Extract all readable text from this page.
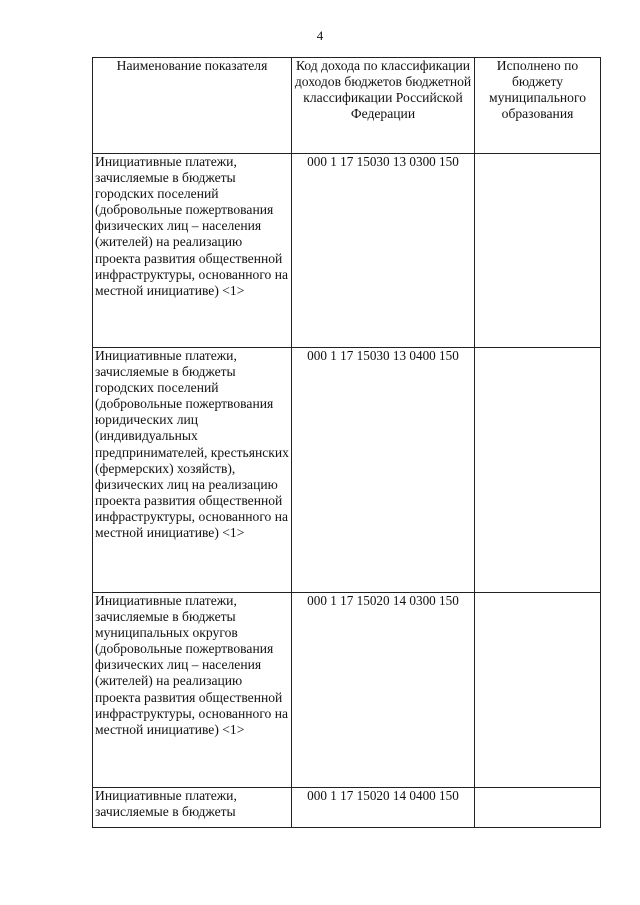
4
Наименование показателя	Код дохода по классификации доходов бюджетов бюджетной классификации Российской Федерации	Исполнено по бюджету муниципального образования
Инициативные платежи, зачисляемые в бюджеты городских поселений (добровольные пожертвования физических лиц – населения (жителей) на реализацию проекта развития общественной инфраструктуры, основанного на местной инициативе) <1>	000 1 17 15030 13 0300 150	
Инициативные платежи, зачисляемые в бюджеты городских поселений (добровольные пожертвования юридических лиц (индивидуальных предпринимателей, крестьянских (фермерских) хозяйств), физических лиц на реализацию проекта развития общественной инфраструктуры, основанного на местной инициативе) <1>	000 1 17 15030 13 0400 150	
Инициативные платежи, зачисляемые в бюджеты муниципальных округов (добровольные пожертвования физических лиц – населения (жителей) на реализацию проекта развития общественной инфраструктуры, основанного на местной инициативе) <1>	000 1 17 15020 14 0300 150	
Инициативные платежи, зачисляемые в бюджеты	000 1 17 15020 14 0400 150	
